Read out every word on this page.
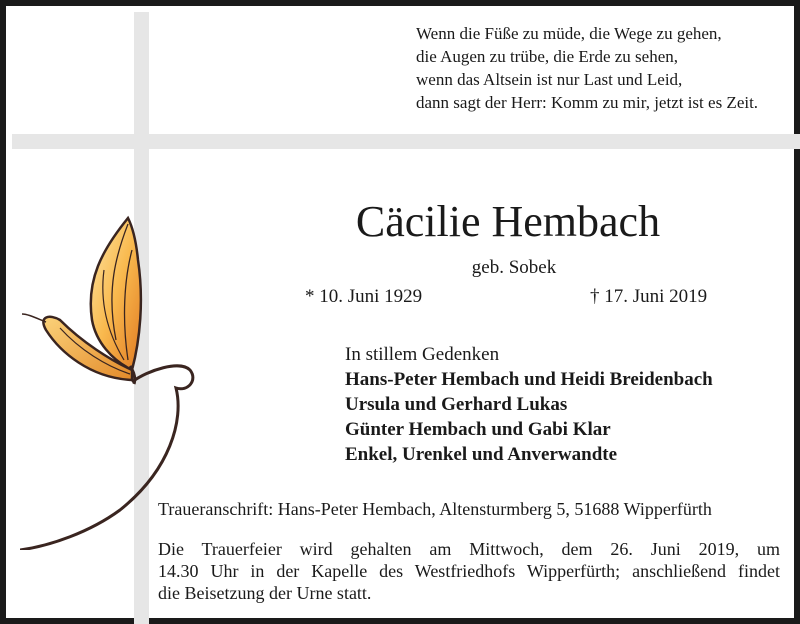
Wenn die Füße zu müde, die Wege zu gehen,
die Augen zu trübe, die Erde zu sehen,
wenn das Altsein ist nur Last und Leid,
dann sagt der Herr: Komm zu mir, jetzt ist es Zeit.
Cäcilie Hembach
geb. Sobek
* 10. Juni 1929	† 17. Juni 2019
In stillem Gedenken
Hans-Peter Hembach und Heidi Breidenbach
Ursula und Gerhard Lukas
Günter Hembach und Gabi Klar
Enkel, Urenkel und Anverwandte
Traueranschrift: Hans-Peter Hembach, Altensturmberg 5, 51688 Wipperfürth
Die Trauerfeier wird gehalten am Mittwoch, dem 26. Juni 2019, um
14.30 Uhr in der Kapelle des Westfriedhofs Wipperfürth; anschließend findet
die Beisetzung der Urne statt.
